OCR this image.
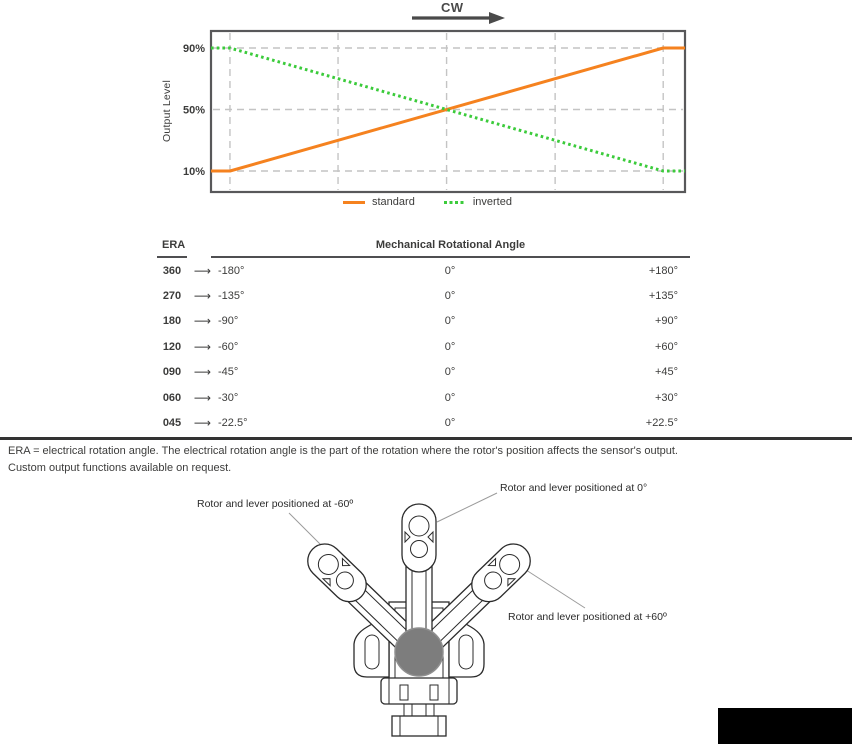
CW
90%
50%
10%
Output Level
standard	inverted
ERA	Mechanical Rotational Angle
360	⟶ -180°	0°	+180°
270	⟶ -135°	0°	+135°
180	⟶ -90°	0°	+90°
120	⟶ -60°	0°	+60°
090	⟶ -45°	0°	+45°
060	⟶ -30°	0°	+30°
045	⟶ -22.5°	0°	+22.5°
ERA = electrical rotation angle. The electrical rotation angle is the part of the rotation where the rotor's position affects the sensor's output.
Custom output functions available on request.
Rotor and lever positioned at 0°
Rotor and lever positioned at -60º
Rotor and lever positioned at +60º
